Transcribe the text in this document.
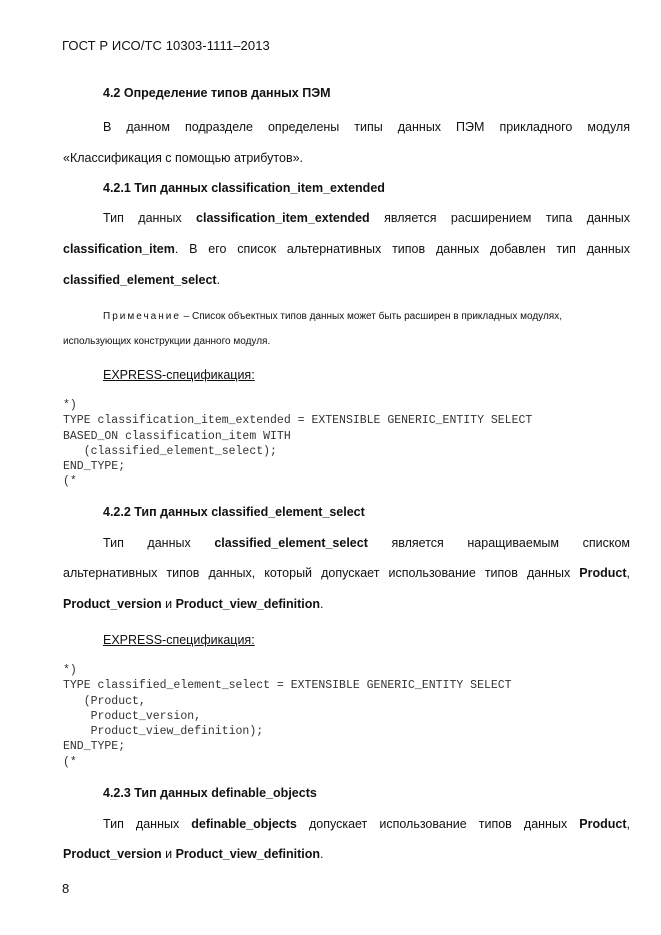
ГОСТ Р ИСО/ТС 10303-1111–2013
4.2 Определение типов данных ПЭМ
В данном подразделе определены типы данных ПЭМ прикладного модуля
«Классификация с помощью атрибутов».
4.2.1 Тип данных classification_item_extended
Тип данных classification_item_extended является расширением типа данных
classification_item. В его список альтернативных типов данных добавлен тип данных
classified_element_select.
Примечание – Список объектных типов данных может быть расширен в прикладных модулях,
использующих конструкции данного модуля.
EXPRESS-спецификация:
*)
TYPE classification_item_extended = EXTENSIBLE GENERIC_ENTITY SELECT
BASED_ON classification_item WITH
(classified_element_select);
END_TYPE;
(*
4.2.2 Тип данных classified_element_select
Тип данных classified_element_select является наращиваемым списком
альтернативных типов данных, который допускает использование типов данных Product,
Product_version и Product_view_definition.
EXPRESS-спецификация:
*)
TYPE classified_element_select = EXTENSIBLE GENERIC_ENTITY SELECT
(Product,
Product_version,
Product_view_definition);
END_TYPE;
(*
4.2.3 Тип данных definable_objects
Тип данных definable_objects допускает использование типов данных Product,
Product_version и Product_view_definition.
8
